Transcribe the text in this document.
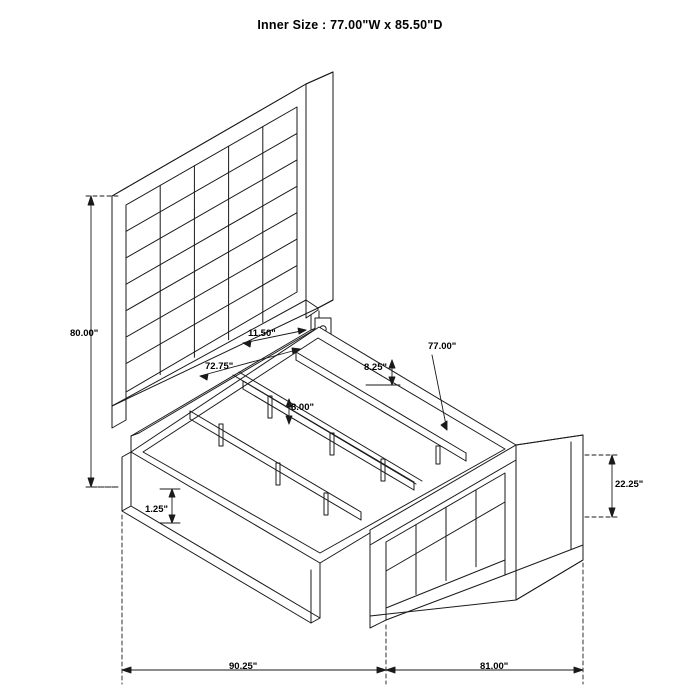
Inner Size : 77.00"W x 85.50"D
80.00"	11.50"
72.75"	8.25"
8.00"
77.00"
22.25"
1.25"
90.25"	81.00"
